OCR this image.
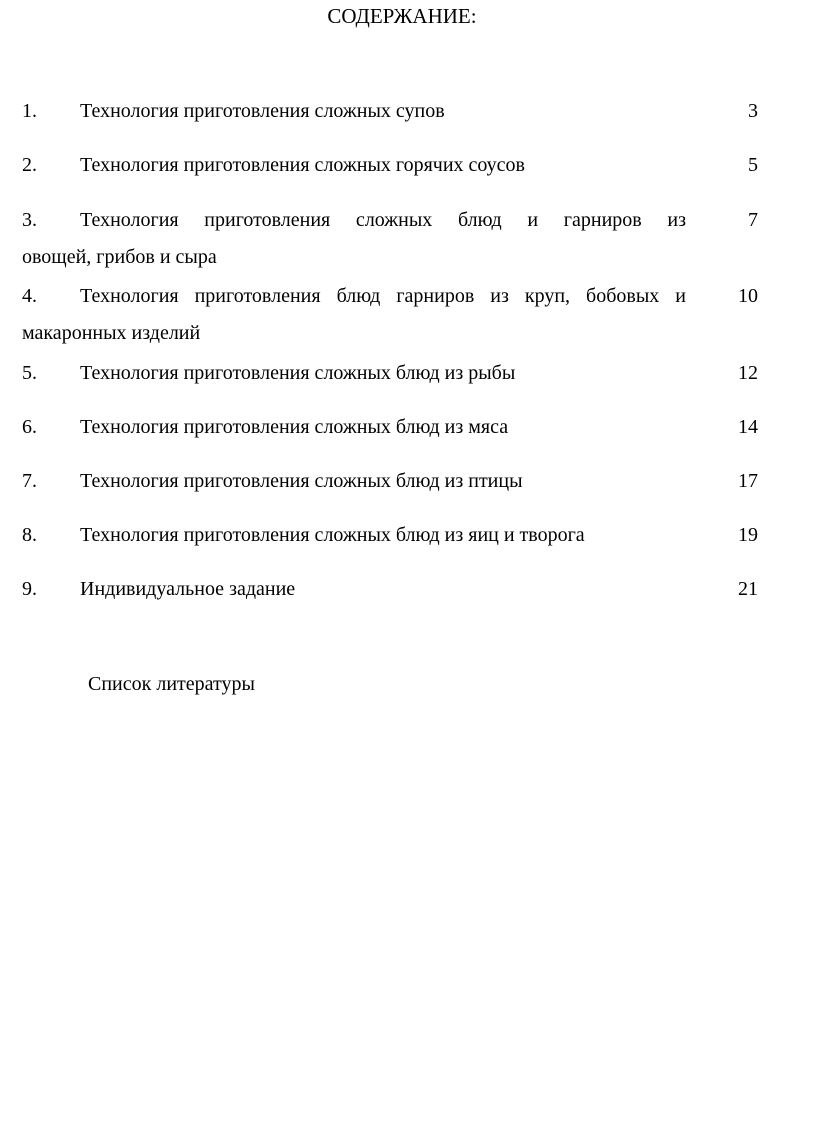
СОДЕРЖАНИЕ:
1. Технология приготовления сложных супов	3
2. Технология приготовления сложных горячих соусов	5
3. Технология приготовления сложных блюд и гарниров из	7
овощей, грибов и сыра
4. Технология приготовления блюд гарниров из круп, бобовых и	10
макаронных изделий
5. Технология приготовления сложных блюд из рыбы	12
6. Технология приготовления сложных блюд из мяса	14
7. Технология приготовления сложных блюд из птицы	17
8. Технология приготовления сложных блюд из яиц и творога	19
9. Индивидуальное задание	21
Список литературы
